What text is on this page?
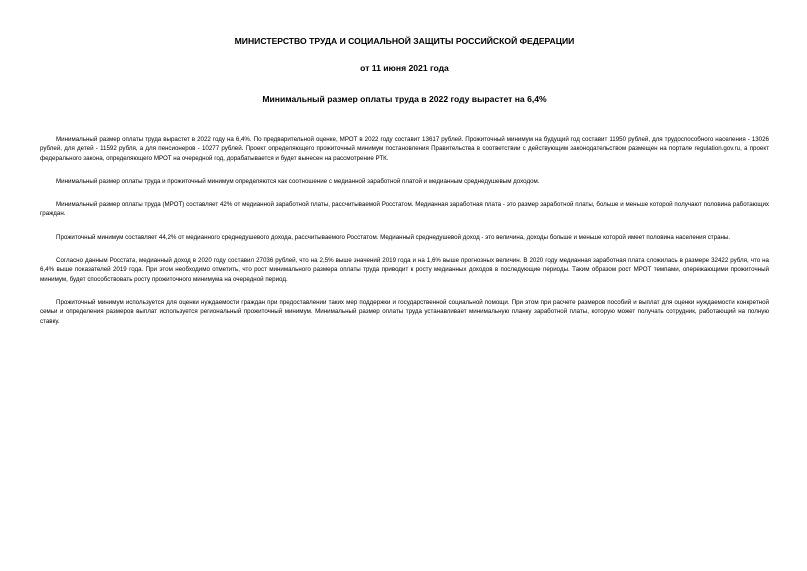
МИНИСТЕРСТВО ТРУДА И СОЦИАЛЬНОЙ ЗАЩИТЫ РОССИЙСКОЙ ФЕДЕРАЦИИ

от 11 июня 2021 года

Минимальный размер оплаты труда в 2022 году вырастет на 6,4%

Минимальный размер оплаты труда вырастет в 2022 году на 6,4%. По предварительной оценке, МРОТ в 2022 году составит 13617 рублей. Прожиточный минимум на будущий год составит 11950 рублей, для трудоспособного населения - 13026 рублей, для детей - 11592 рубля, а для пенсионеров - 10277 рублей. Проект определяющего прожиточный минимум постановления Правительства в соответствии с действующим законодательством размещен на портале regulation.gov.ru, а проект федерального закона, определяющего МРОТ на очередной год, дорабатывается и будет вынесен на рассмотрение РТК.

Минимальный размер оплаты труда и прожиточный минимум определяются как соотношение с медианной заработной платой и медианным среднедушевым доходом.

Минимальный размер оплаты труда (МРОТ) составляет 42% от медианной заработной платы, рассчитываемой Росстатом. Медианная заработная плата - это размер заработной платы, больше и меньше которой получают половина работающих граждан.

Прожиточный минимум составляет 44,2% от медианного среднедушевого дохода, рассчитываемого Росстатом. Медианный среднедушевой доход - это величина, доходы больше и меньше которой имеет половина населения страны.

Согласно данным Росстата, медианный доход в 2020 году составил 27036 рублей, что на 2,5% выше значений 2019 года и на 1,6% выше прогнозных величин. В 2020 году медианная заработная плата сложилась в размере 32422 рубля, что на 6,4% выше показателей 2019 года. При этом необходимо отметить, что рост минимального размера оплаты труда приводит к росту медианных доходов в последующие периоды. Таким образом рост МРОТ темпами, опережающими прожиточный минимум, будет способствовать росту прожиточного минимума на очередной период.

Прожиточный минимум используется для оценки нуждаемости граждан при предоставлении таких мер поддержки и государственной социальной помощи. При этом при расчете размеров пособий и выплат для оценки нуждаемости конкретной семьи и определения размеров выплат используется региональный прожиточный минимум. Минимальный размер оплаты труда устанавливает минимальную планку заработной платы, которую может получать сотрудник, работающий на полную ставку.
